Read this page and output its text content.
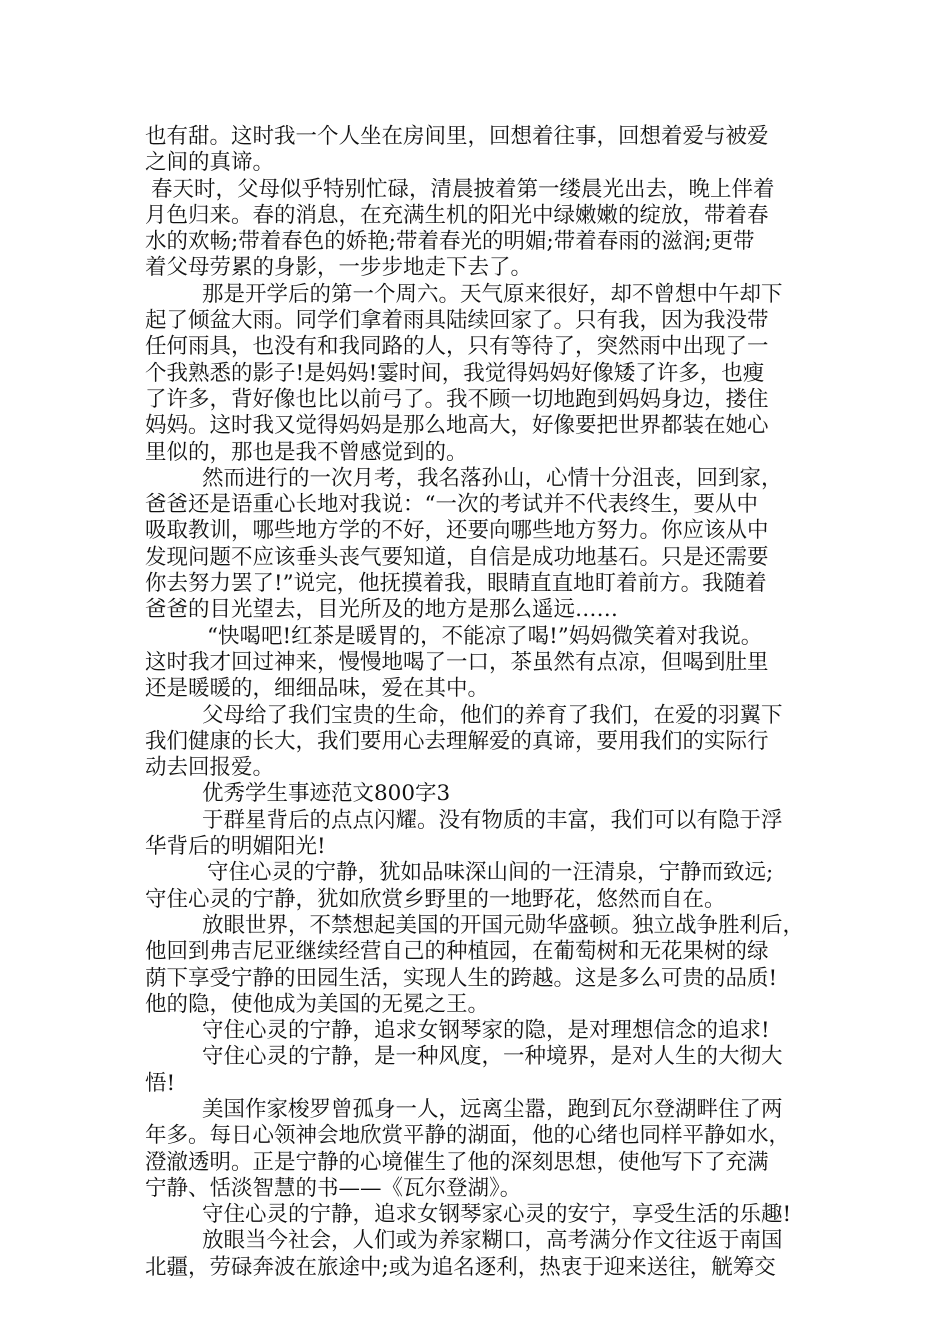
也有甜。这时我一个人坐在房间里，回想着往事，回想着爱与被爱
之间的真谛。
春天时，父母似乎特别忙碌，清晨披着第一缕晨光出去，晚上伴着
月色归来。春的消息，在充满生机的阳光中绿嫩嫩的绽放，带着春
水的欢畅;带着春色的娇艳;带着春光的明媚;带着春雨的滋润;更带
着父母劳累的身影，一步步地走下去了。
那是开学后的第一个周六。天气原来很好，却不曾想中午却下
起了倾盆大雨。同学们拿着雨具陆续回家了。只有我，因为我没带
任何雨具，也没有和我同路的人，只有等待了，突然雨中出现了一
个我熟悉的影子!是妈妈!霎时间，我觉得妈妈好像矮了许多，也瘦
了许多，背好像也比以前弓了。我不顾一切地跑到妈妈身边，搂住
妈妈。这时我又觉得妈妈是那么地高大，好像要把世界都装在她心
里似的，那也是我不曾感觉到的。
然而进行的一次月考，我名落孙山，心情十分沮丧，回到家，
爸爸还是语重心长地对我说：“一次的考试并不代表终生，要从中
吸取教训，哪些地方学的不好，还要向哪些地方努力。你应该从中
发现问题不应该垂头丧气要知道，自信是成功地基石。只是还需要
你去努力罢了!”说完，他抚摸着我，眼睛直直地盯着前方。我随着
爸爸的目光望去，目光所及的地方是那么遥远……
“快喝吧!红茶是暖胃的，不能凉了喝!”妈妈微笑着对我说。
这时我才回过神来，慢慢地喝了一口，茶虽然有点凉，但喝到肚里
还是暖暖的，细细品味，爱在其中。
父母给了我们宝贵的生命，他们的养育了我们，在爱的羽翼下
我们健康的长大，我们要用心去理解爱的真谛，要用我们的实际行
动去回报爱。
优秀学生事迹范文800字3
于群星背后的点点闪耀。没有物质的丰富，我们可以有隐于浮
华背后的明媚阳光!
守住心灵的宁静，犹如品味深山间的一汪清泉，宁静而致远;
守住心灵的宁静，犹如欣赏乡野里的一地野花，悠然而自在。
放眼世界，不禁想起美国的开国元勋华盛顿。独立战争胜利后，
他回到弗吉尼亚继续经营自己的种植园，在葡萄树和无花果树的绿
荫下享受宁静的田园生活，实现人生的跨越。这是多么可贵的品质!
他的隐，使他成为美国的无冕之王。
守住心灵的宁静，追求女钢琴家的隐，是对理想信念的追求!
守住心灵的宁静，是一种风度，一种境界，是对人生的大彻大
悟!
美国作家梭罗曾孤身一人，远离尘嚣，跑到瓦尔登湖畔住了两
年多。每日心领神会地欣赏平静的湖面，他的心绪也同样平静如水，
澄澈透明。正是宁静的心境催生了他的深刻思想，使他写下了充满
宁静、恬淡智慧的书——《瓦尔登湖》。
守住心灵的宁静，追求女钢琴家心灵的安宁，享受生活的乐趣!
放眼当今社会，人们或为养家糊口，高考满分作文往返于南国
北疆，劳碌奔波在旅途中;或为追名逐利，热衷于迎来送往，觥筹交
